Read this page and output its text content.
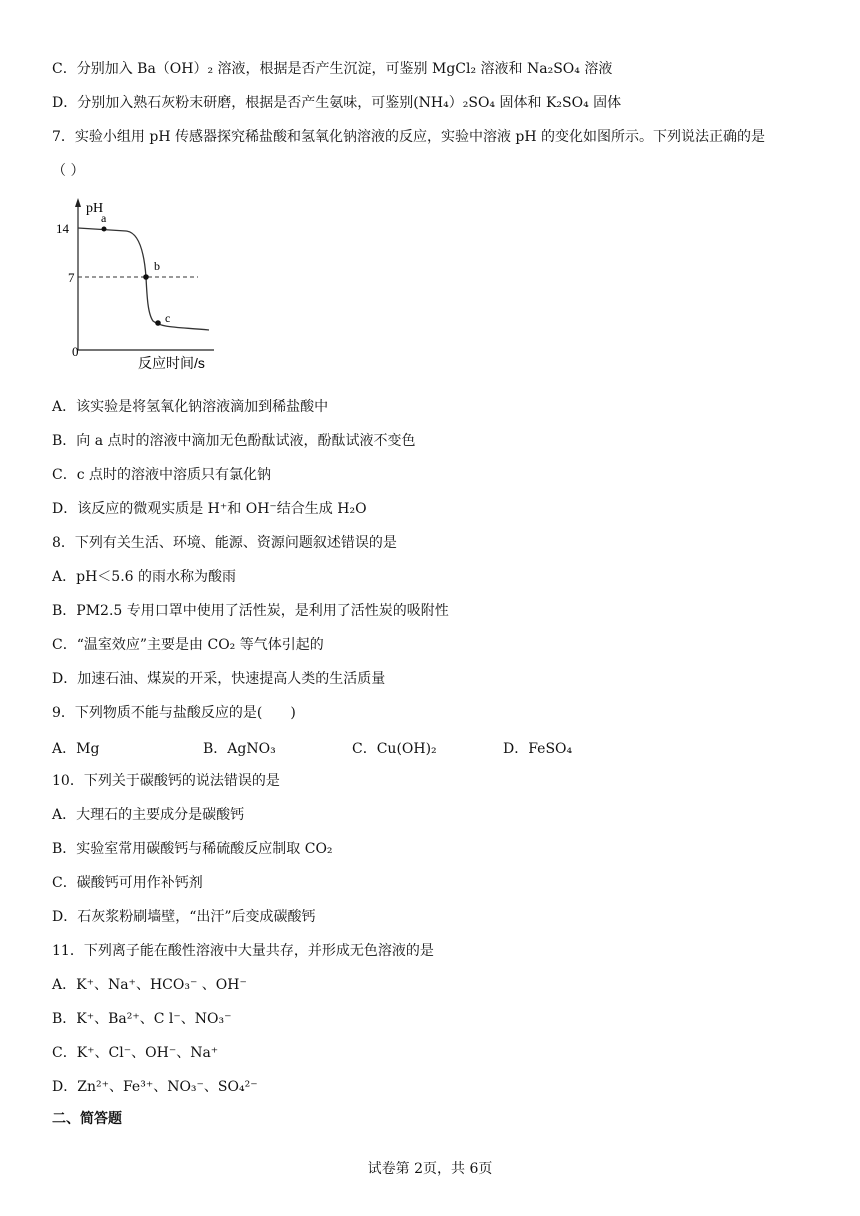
C．分别加入 Ba（OH）₂ 溶液，根据是否产生沉淀，可鉴别 MgCl₂ 溶液和 Na₂SO₄ 溶液
D．分别加入熟石灰粉末研磨，根据是否产生氨味，可鉴别(NH₄）₂SO₄ 固体和 K₂SO₄ 固体
7．实验小组用 pH 传感器探究稀盐酸和氢氧化钠溶液的反应，实验中溶液 pH 的变化如图所示。下列说法正确的是
（ ）
pH
14
7
0
a
b
c
反应时间/s
A．该实验是将氢氧化钠溶液滴加到稀盐酸中
B．向 a 点时的溶液中滴加无色酚酞试液，酚酞试液不变色
C．c 点时的溶液中溶质只有氯化钠
D．该反应的微观实质是 H⁺和 OH⁻结合生成 H₂O
8．下列有关生活、环境、能源、资源问题叙述错误的是
A．pH＜5.6 的雨水称为酸雨
B．PM2.5 专用口罩中使用了活性炭，是利用了活性炭的吸附性
C．“温室效应”主要是由 CO₂ 等气体引起的
D．加速石油、煤炭的开采，快速提高人类的生活质量
9．下列物质不能与盐酸反应的是(　　)
A．Mg	B．AgNO₃	C．Cu(OH)₂	D．FeSO₄
10．下列关于碳酸钙的说法错误的是
A．大理石的主要成分是碳酸钙
B．实验室常用碳酸钙与稀硫酸反应制取 CO₂
C．碳酸钙可用作补钙剂
D．石灰浆粉刷墙壁，“出汗”后变成碳酸钙
11．下列离子能在酸性溶液中大量共存，并形成无色溶液的是
A．K⁺、Na⁺、HCO₃⁻ 、OH⁻
B．K⁺、Ba²⁺、C l⁻、NO₃⁻
C．K⁺、Cl⁻、OH⁻、Na⁺
D．Zn²⁺、Fe³⁺、NO₃⁻、SO₄²⁻
二、简答题
试卷第 2页，共 6页
